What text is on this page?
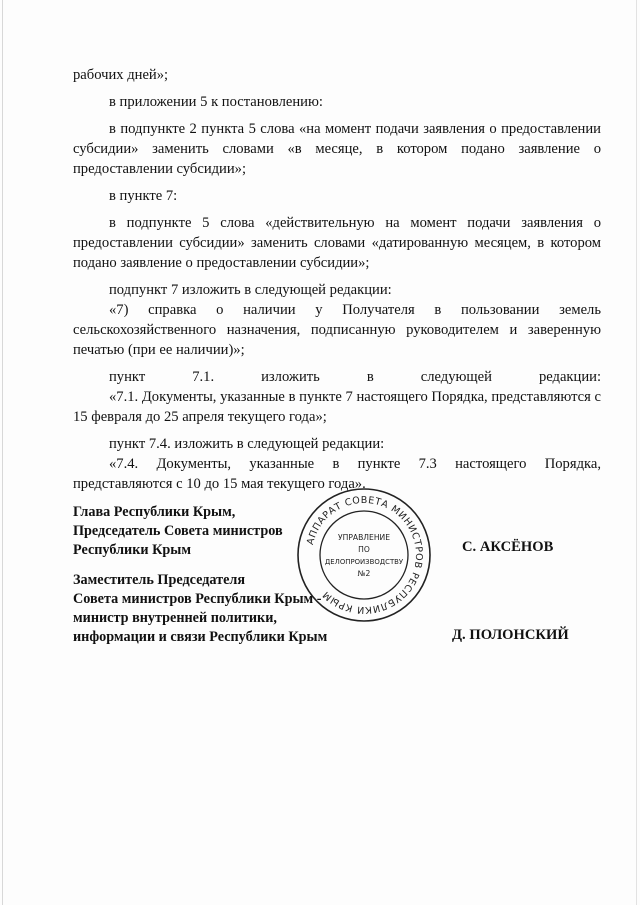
рабочих дней»;

в приложении 5 к постановлению:

в подпункте 2 пункта 5 слова «на момент подачи заявления о предоставлении субсидии» заменить словами «в месяце, в котором подано заявление о предоставлении субсидии»;

в пункте 7:

в подпункте 5 слова «действительную на момент подачи заявления о предоставлении субсидии» заменить словами «датированную месяцем, в котором подано заявление о предоставлении субсидии»;

подпункт 7 изложить в следующей редакции:

«7) справка о наличии у Получателя в пользовании земель сельскохозяйственного назначения, подписанную руководителем и заверенную печатью (при ее наличии)»;

пункт 7.1. изложить в следующей редакции:

«7.1. Документы, указанные в пункте 7 настоящего Порядка, представляются с 15 февраля до 25 апреля текущего года»;

пункт 7.4. изложить в следующей редакции:

«7.4. Документы, указанные в пункте 7.3 настоящего Порядка, представляются с 10 до 15 мая текущего года».

Глава Республики Крым,
Председатель Совета министров
Республики Крым	С. АКСЁНОВ
Заместитель Председателя
Совета министров Республики Крым -
министр внутренней политики,
информации и связи Республики Крым	Д. ПОЛОНСКИЙ
АППАРАТ СОВЕТА МИНИСТРОВ РЕСПУБЛИКИ КРЫМ
УПРАВЛЕНИЕ
ПО
ДЕЛОПРОИЗВОДСТВУ
№2
